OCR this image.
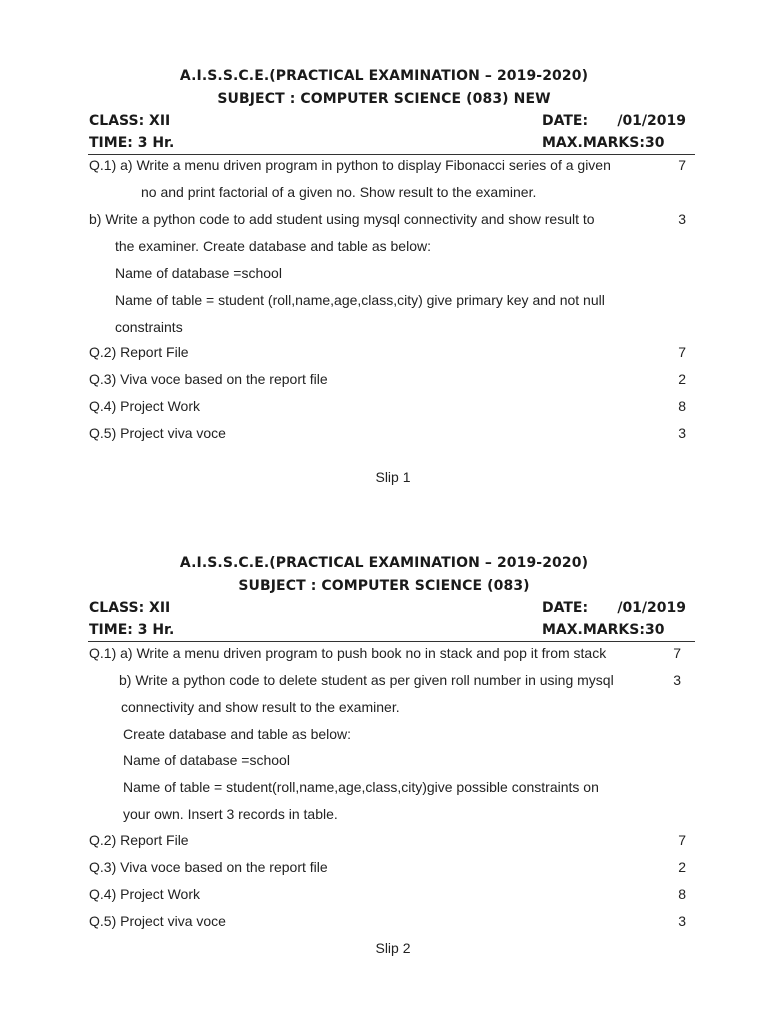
A.I.S.S.C.E.(PRACTICAL EXAMINATION – 2019-2020)
SUBJECT : COMPUTER SCIENCE (083) NEW
CLASS: XII	DATE:      /01/2019
TIME: 3 Hr.	MAX.MARKS:30
Q.1) a) Write a menu driven program in python to display Fibonacci series of a given	7
no and print factorial of a given no. Show result to the examiner.
b) Write a python code to add student using mysql connectivity and show result to	3
the examiner. Create database and table as below:
Name of database =school
Name of table = student (roll,name,age,class,city) give primary key and not null
constraints
Q.2) Report File	7
Q.3) Viva voce based on the report file	2
Q.4) Project Work	8
Q.5) Project viva voce	3
Slip 1
A.I.S.S.C.E.(PRACTICAL EXAMINATION – 2019-2020)
SUBJECT : COMPUTER SCIENCE (083)
CLASS: XII	DATE:      /01/2019
TIME: 3 Hr.	MAX.MARKS:30
Q.1) a) Write a menu driven program to push book no in stack and pop it from stack	7
b) Write a python code to delete student as per given roll number in using mysql	3
connectivity and show result to the examiner.
Create database and table as below:
Name of database =school
Name of table = student(roll,name,age,class,city)give possible constraints on
your own. Insert 3 records in table.
Q.2) Report File	7
Q.3) Viva voce based on the report file	2
Q.4) Project Work	8
Q.5) Project viva voce	3
Slip 2
